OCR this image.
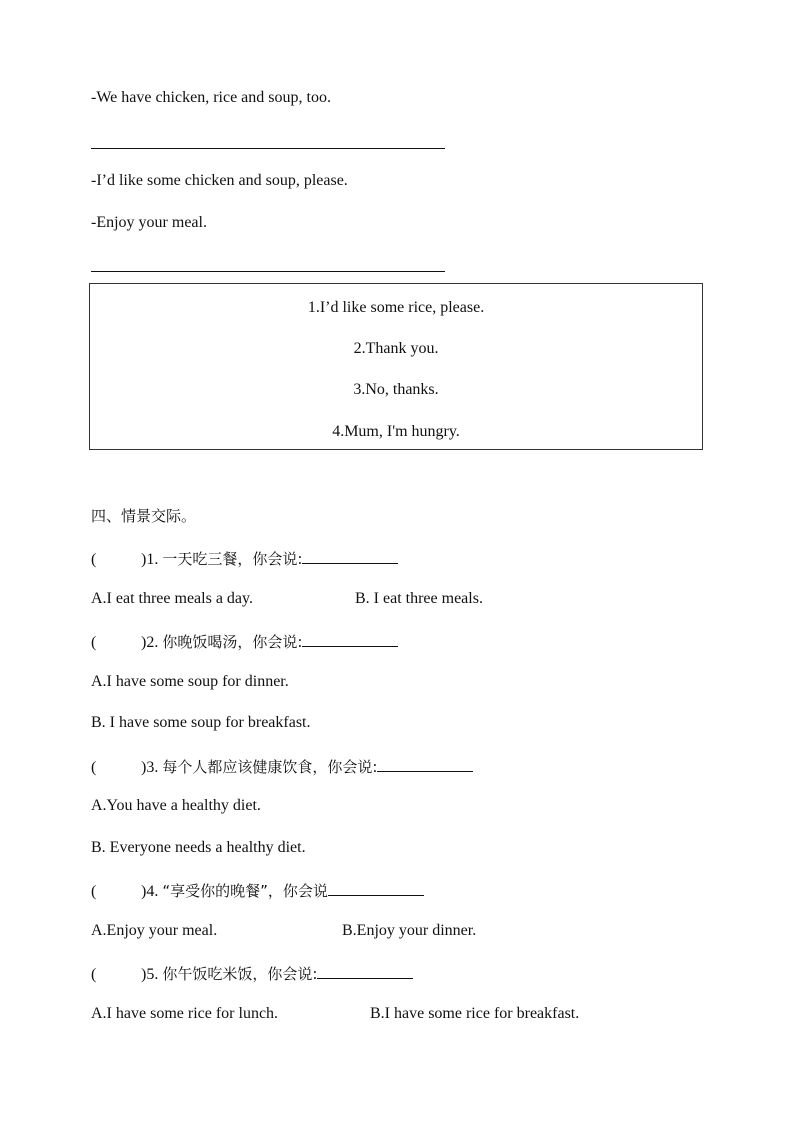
-We have chicken, rice and soup, too.
-I’d like some chicken and soup, please.
-Enjoy your meal.
1.I’d like some rice, please.
2.Thank you.
3.No, thanks.
4.Mum, I'm hungry.
四、情景交际。
(	)1. 一天吃三餐，你会说:
A.I eat three meals a day.	B. I eat three meals.
(	)2. 你晚饭喝汤，你会说:
A.I have some soup for dinner.
B. I have some soup for breakfast.
(	)3. 每个人都应该健康饮食，你会说:
A.You have a healthy diet.
B. Everyone needs a healthy diet.
(	)4. “享受你的晚餐”，你会说
A.Enjoy your meal.	B.Enjoy your dinner.
(	)5. 你午饭吃米饭，你会说:
A.I have some rice for lunch.	B.I have some rice for breakfast.
